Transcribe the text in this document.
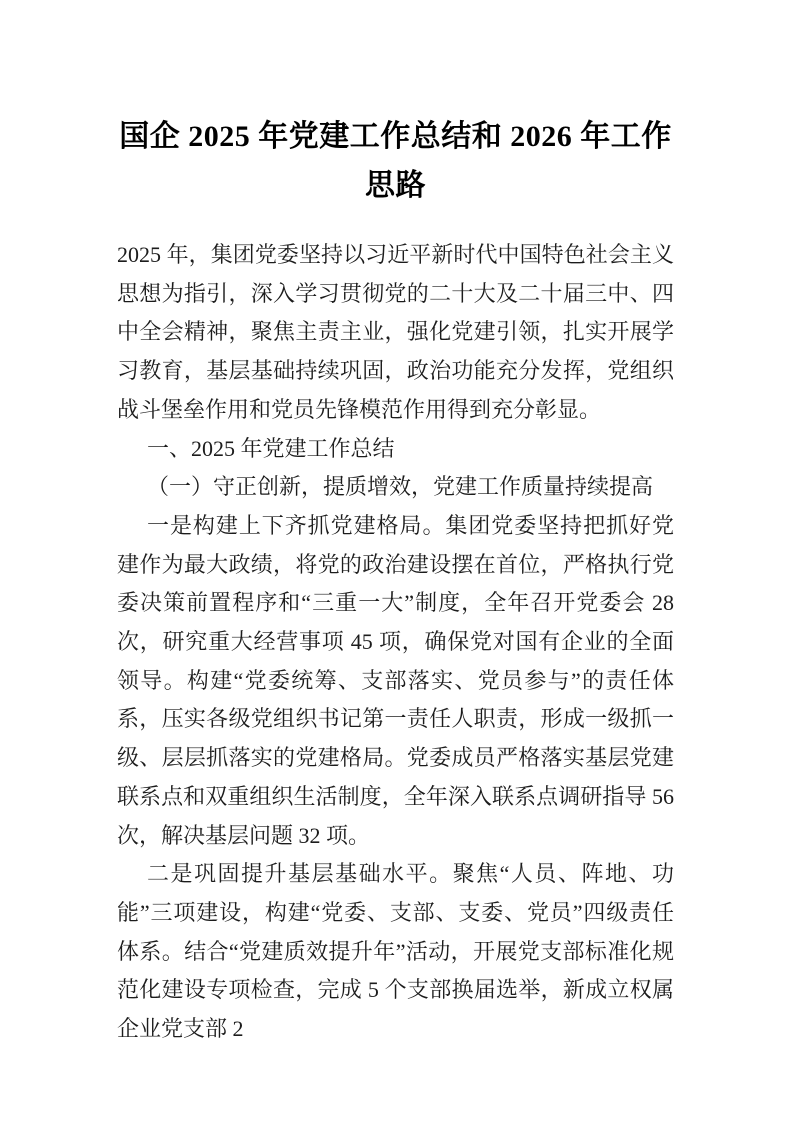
国企 2025 年党建工作总结和 2026 年工作思路

2025 年，集团党委坚持以习近平新时代中国特色社会主义思想为指引，深入学习贯彻党的二十大及二十届三中、四中全会精神，聚焦主责主业，强化党建引领，扎实开展学习教育，基层基础持续巩固，政治功能充分发挥，党组织战斗堡垒作用和党员先锋模范作用得到充分彰显。

一、2025 年党建工作总结

（一）守正创新，提质增效，党建工作质量持续提高

一是构建上下齐抓党建格局。集团党委坚持把抓好党建作为最大政绩，将党的政治建设摆在首位，严格执行党委决策前置程序和“三重一大”制度，全年召开党委会 28 次，研究重大经营事项 45 项，确保党对国有企业的全面领导。构建“党委统筹、支部落实、党员参与”的责任体系，压实各级党组织书记第一责任人职责，形成一级抓一级、层层抓落实的党建格局。党委成员严格落实基层党建联系点和双重组织生活制度，全年深入联系点调研指导 56 次，解决基层问题 32 项。

二是巩固提升基层基础水平。聚焦“人员、阵地、功能”三项建设，构建“党委、支部、支委、党员”四级责任体系。结合“党建质效提升年”活动，开展党支部标准化规范化建设专项检查，完成 5 个支部换届选举，新成立权属企业党支部 2
